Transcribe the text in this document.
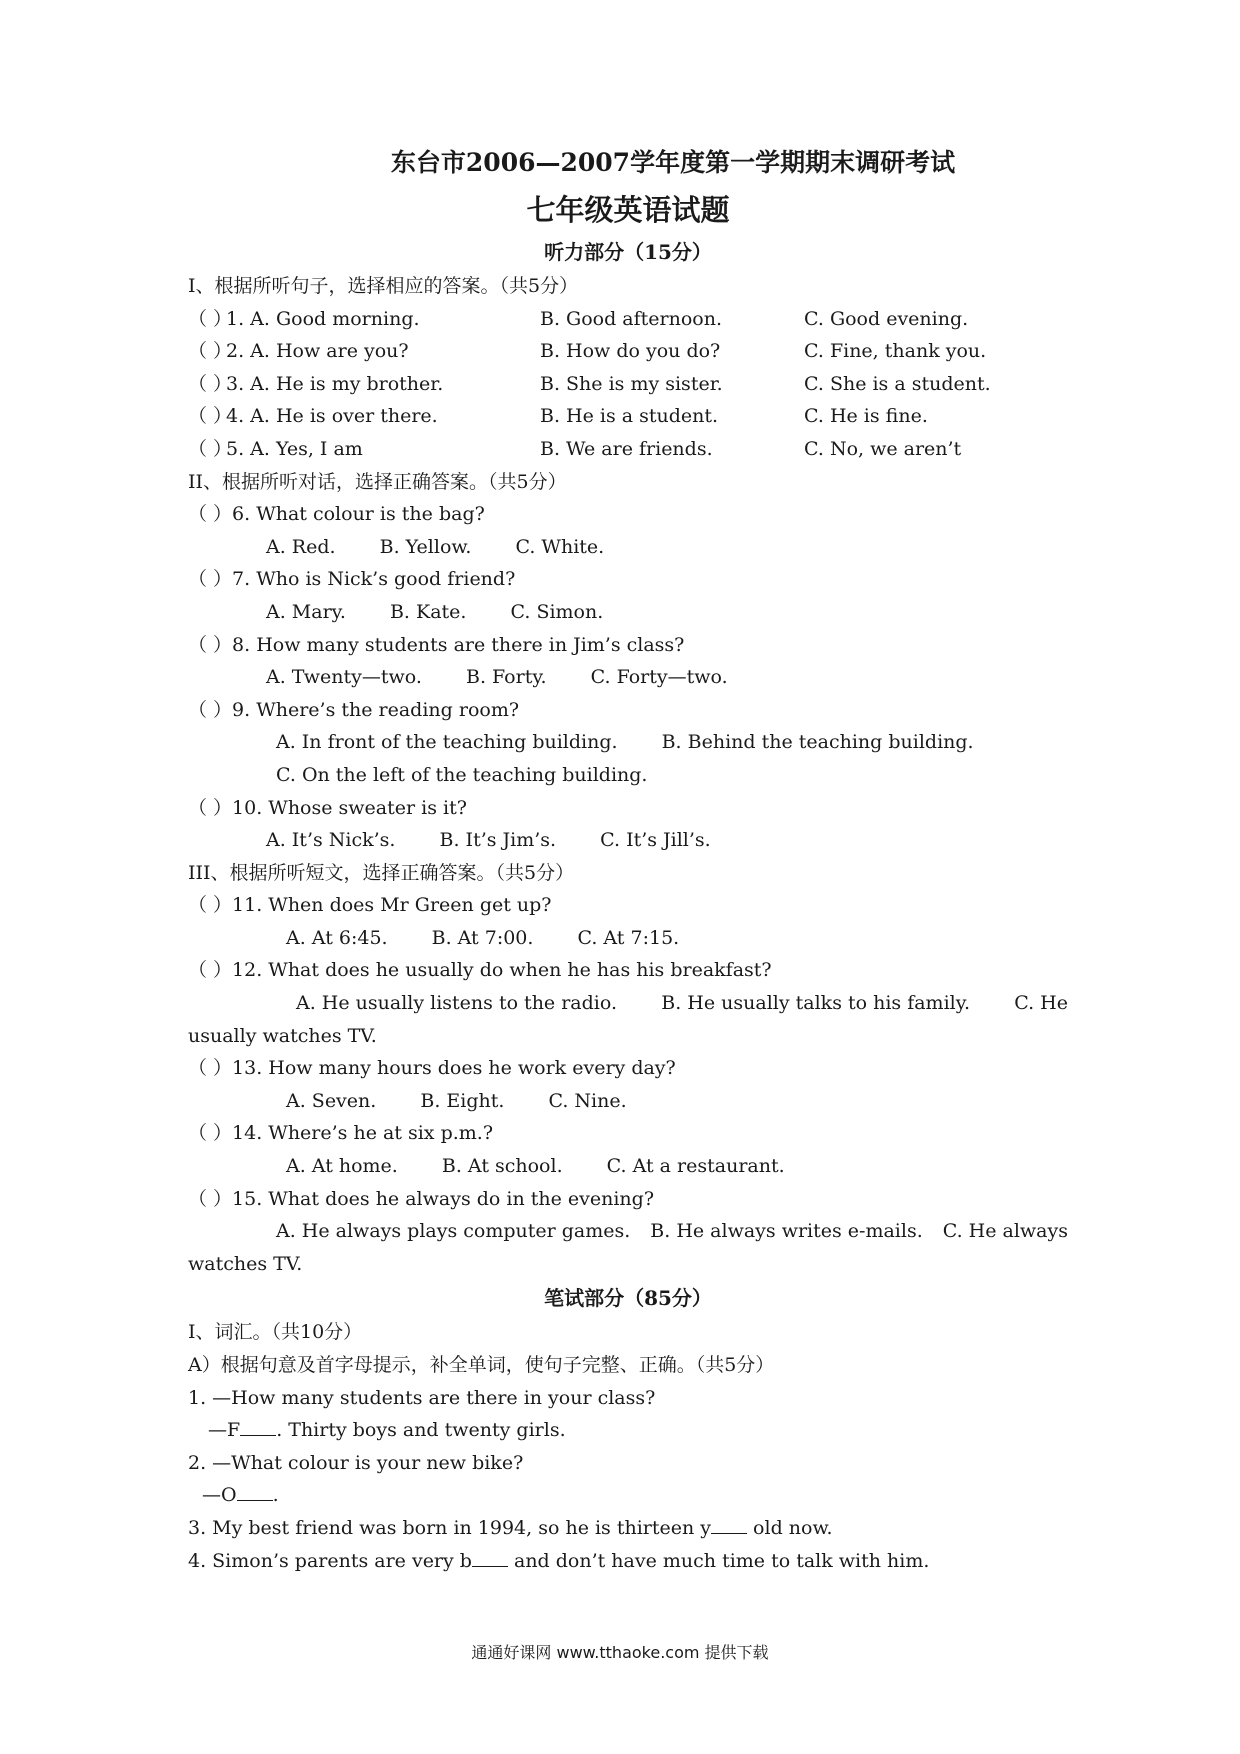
东台市2006—2007学年度第一学期期末调研考试
七年级英语试题
听力部分（15分）
I、根据所听句子，选择相应的答案。（共5分）
（ ）
1. A. Good morning.	B. Good afternoon.	C. Good evening.
（ ）
2. A. How are you?	B. How do you do?	C. Fine, thank you.
（ ）
3. A. He is my brother.	B. She is my sister.	C. She is a student.
（ ）
4. A. He is over there.	B. He is a student.	C. He is fine.
（ ）
5. A. Yes, I am	B. We are friends.	C. No, we aren’t
II、根据所听对话，选择正确答案。（共5分）
（ ）6. What colour is the bag?
A. Red. B. Yellow. C. White.
（ ）7. Who is Nick’s good friend?
A. Mary. B. Kate. C. Simon.
（ ）8. How many students are there in Jim’s class?
A. Twenty—two. B. Forty. C. Forty—two.
（ ）9. Where’s the reading room?
A. In front of the teaching building. B. Behind the teaching building.
C. On the left of the teaching building.
（ ）10. Whose sweater is it?
A. It’s Nick’s. B. It’s Jim’s. C. It’s Jill’s.
III、根据所听短文，选择正确答案。（共5分）
（ ）11. When does Mr Green get up?
A. At 6:45. B. At 7:00. C. At 7:15.
（ ）12. What does he usually do when he has his breakfast?
A. He usually listens to the radio. B. He usually talks to his family. C. He
usually watches TV.
（ ）13. How many hours does he work every day?
A. Seven. B. Eight. C. Nine.
（ ）14. Where’s he at six p.m.?
A. At home. B. At school. C. At a restaurant.
（ ）15. What does he always do in the evening?
A. He always plays computer games. B. He always writes e-mails. C. He always
watches TV.
笔试部分（85分）
I、词汇。（共10分）
A）根据句意及首字母提示，补全单词，使句子完整、正确。（共5分）
1. —How many students are there in your class?
—F . Thirty boys and twenty girls.
2. —What colour is your new bike?
—O .
3. My best friend was born in 1994, so he is thirteen y old now.
4. Simon’s parents are very b and don’t have much time to talk with him.
通通好课网 www.tthaoke.com 提供下载
